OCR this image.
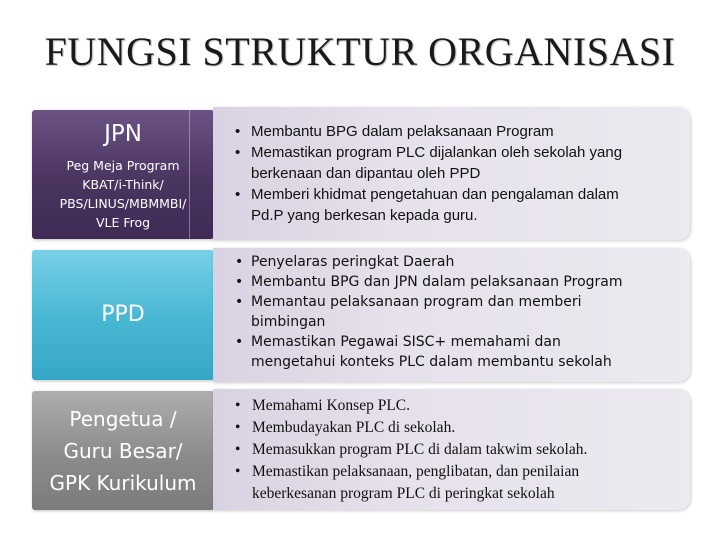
FUNGSI STRUKTUR ORGANISASI
JPN
Peg Meja Program
KBAT/i-Think/
PBS/LINUS/MBMMBI/
VLE Frog
• Membantu BPG dalam pelaksanaan Program
• Memastikan program PLC dijalankan oleh sekolah yang
berkenaan dan dipantau oleh PPD
• Memberi khidmat pengetahuan dan pengalaman dalam
Pd.P yang berkesan kepada guru.
PPD
• Penyelaras peringkat Daerah
• Membantu BPG dan JPN dalam pelaksanaan Program
• Memantau pelaksanaan program dan memberi
bimbingan
• Memastikan Pegawai SISC+ memahami dan
mengetahui konteks PLC dalam membantu sekolah
Pengetua /
Guru Besar/
GPK Kurikulum
• Memahami Konsep PLC.
• Membudayakan PLC di sekolah.
• Memasukkan program PLC di dalam takwim sekolah.
• Memastikan pelaksanaan, penglibatan, dan penilaian
keberkesanan program PLC di peringkat sekolah
